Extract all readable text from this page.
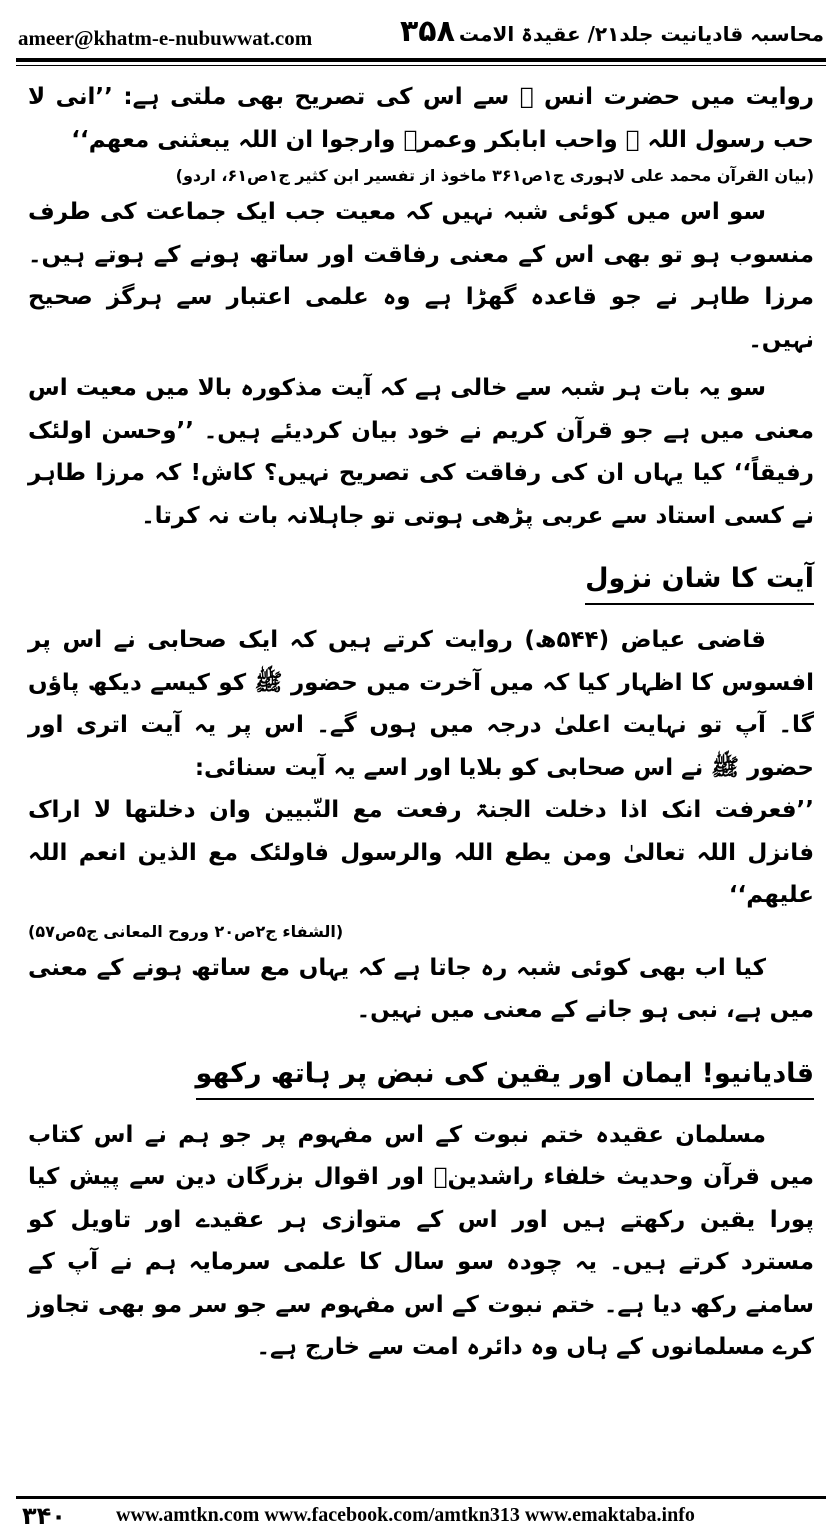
ameer@khatm-e-nubuwwat.com	۳۵۸ محاسبہ قادیانیت جلد۲۱/ عقیدۃ الامت

روایت میں حضرت انس ؓ سے اس کی تصریح بھی ملتی ہے: ’’انی لا حب رسول اللہ ﷺ واحب ابابکر وعمرؓ وارجوا ان اللہ یبعثنی معھم‘‘

(بیان القرآن محمد علی لاہوری ج۱ص۳۶۱ ماخوذ از تفسیر ابن کثیر ج۱ص۶۱، اردو)

سو اس میں کوئی شبہ نہیں کہ معیت جب ایک جماعت کی طرف منسوب ہو تو بھی اس کے معنی رفاقت اور ساتھ ہونے کے ہوتے ہیں۔ مرزا طاہر نے جو قاعدہ گھڑا ہے وہ علمی اعتبار سے ہرگز صحیح نہیں۔

سو یہ بات ہر شبہ سے خالی ہے کہ آیت مذکورہ بالا میں معیت اس معنی میں ہے جو قرآن کریم نے خود بیان کردیئے ہیں۔ ’’وحسن اولئک رفیقاً‘‘ کیا یہاں ان کی رفاقت کی تصریح نہیں؟ کاش! کہ مرزا طاہر نے کسی استاد سے عربی پڑھی ہوتی تو جاہلانہ بات نہ کرتا۔

آیت کا شان نزول

قاضی عیاض (۵۴۴ھ) روایت کرتے ہیں کہ ایک صحابی نے اس پر افسوس کا اظہار کیا کہ میں آخرت میں حضور ﷺ کو کیسے دیکھ پاؤں گا۔ آپ تو نہایت اعلیٰ درجہ میں ہوں گے۔ اس پر یہ آیت اتری اور حضور ﷺ نے اس صحابی کو بلایا اور اسے یہ آیت سنائی:

’’فعرفت انک اذا دخلت الجنۃ رفعت مع النّبیین وان دخلتھا لا اراک فانزل اللہ تعالیٰ ومن یطع اللہ والرسول فاولئک مع الذین انعم اللہ علیھم‘‘

(الشفاء ج۲ص۲۰ وروح المعانی ج۵ص۵۷)

کیا اب بھی کوئی شبہ رہ جاتا ہے کہ یہاں مع ساتھ ہونے کے معنی میں ہے، نبی ہو جانے کے معنی میں نہیں۔

قادیانیو! ایمان اور یقین کی نبض پر ہاتھ رکھو

مسلمان عقیدہ ختم نبوت کے اس مفہوم پر جو ہم نے اس کتاب میں قرآن وحدیث خلفاء راشدینؓ اور اقوال بزرگان دین سے پیش کیا پورا یقین رکھتے ہیں اور اس کے متوازی ہر عقیدے اور تاویل کو مسترد کرتے ہیں۔ یہ چودہ سو سال کا علمی سرمایہ ہم نے آپ کے سامنے رکھ دیا ہے۔ ختم نبوت کے اس مفہوم سے جو سر مو بھی تجاوز کرے مسلمانوں کے ہاں وہ دائرہ امت سے خارج ہے۔

۳۴۰	www.amtkn.com www.facebook.com/amtkn313 www.emaktaba.info
